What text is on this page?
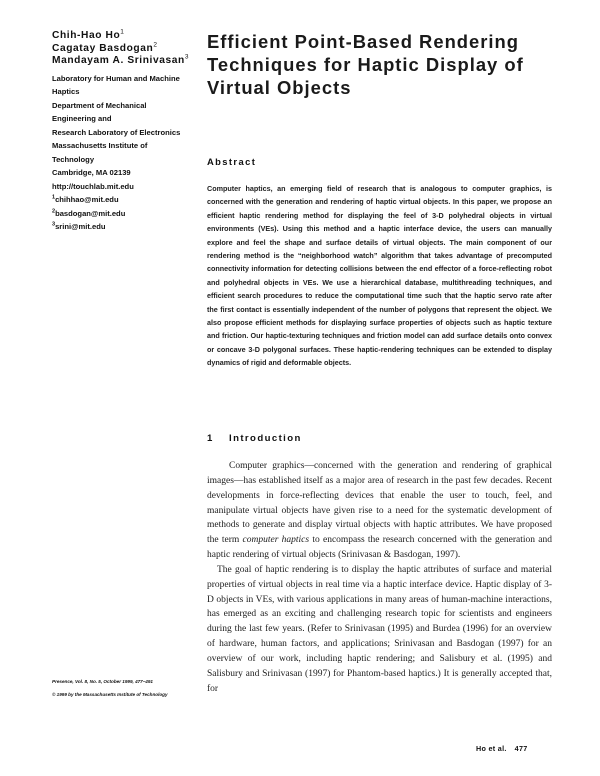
Chih-Hao Ho$^1$
Cagatay Basdogan$^2$
Mandayam A. Srinivasan$^3$
Laboratory for Human and Machine
Haptics
Department of Mechanical
Engineering and
Research Laboratory of Electronics
Massachusetts Institute of
Technology
Cambridge, MA 02139
http://touchlab.mit.edu
$^1$chihhao@mit.edu
$^2$basdogan@mit.edu
$^3$srini@mit.edu
Efficient Point-Based Rendering Techniques for Haptic Display of Virtual Objects
Abstract
Computer haptics, an emerging field of research that is analogous to computer graphics, is concerned with the generation and rendering of haptic virtual objects. In this paper, we propose an efficient haptic rendering method for displaying the feel of 3-D polyhedral objects in virtual environments (VEs). Using this method and a haptic interface device, the users can manually explore and feel the shape and surface details of virtual objects. The main component of our rendering method is the “neighborhood watch” algorithm that takes advantage of precomputed connectivity information for detecting collisions between the end effector of a force-reflecting robot and polyhedral objects in VEs. We use a hierarchical database, multithreading techniques, and efficient search procedures to reduce the computational time such that the haptic servo rate after the first contact is essentially independent of the number of polygons that represent the object. We also propose efficient methods for displaying surface properties of objects such as haptic texture and friction. Our haptic-texturing techniques and friction model can add surface details onto convex or concave 3-D polygonal surfaces. These haptic-rendering techniques can be extended to display dynamics of rigid and deformable objects.
1 Introduction

Computer graphics—concerned with the generation and rendering of graphical images—has established itself as a major area of research in the past few decades. Recent developments in force-reflecting devices that enable the user to touch, feel, and manipulate virtual objects have given rise to a need for the systematic development of methods to generate and display virtual objects with haptic attributes. We have proposed the term computer haptics to encompass the research concerned with the generation and haptic rendering of virtual objects (Srinivasan & Basdogan, 1997).

The goal of haptic rendering is to display the haptic attributes of surface and material properties of virtual objects in real time via a haptic interface device. Haptic display of 3-D objects in VEs, with various applications in many areas of human-machine interactions, has emerged as an exciting and challenging research topic for scientists and engineers during the last few years. (Refer to Srinivasan (1995) and Burdea (1996) for an overview of hardware, human factors, and applications; Srinivasan and Basdogan (1997) for an overview of our work, including haptic rendering; and Salisbury et al. (1995) and Salisbury and Srinivasan (1997) for Phantom-based haptics.) It is generally accepted that, for

Presence, Vol. 8, No. 5, October 1999, 477–491
© 1999 by the Massachusetts Institute of Technology
Ho et al. 477
